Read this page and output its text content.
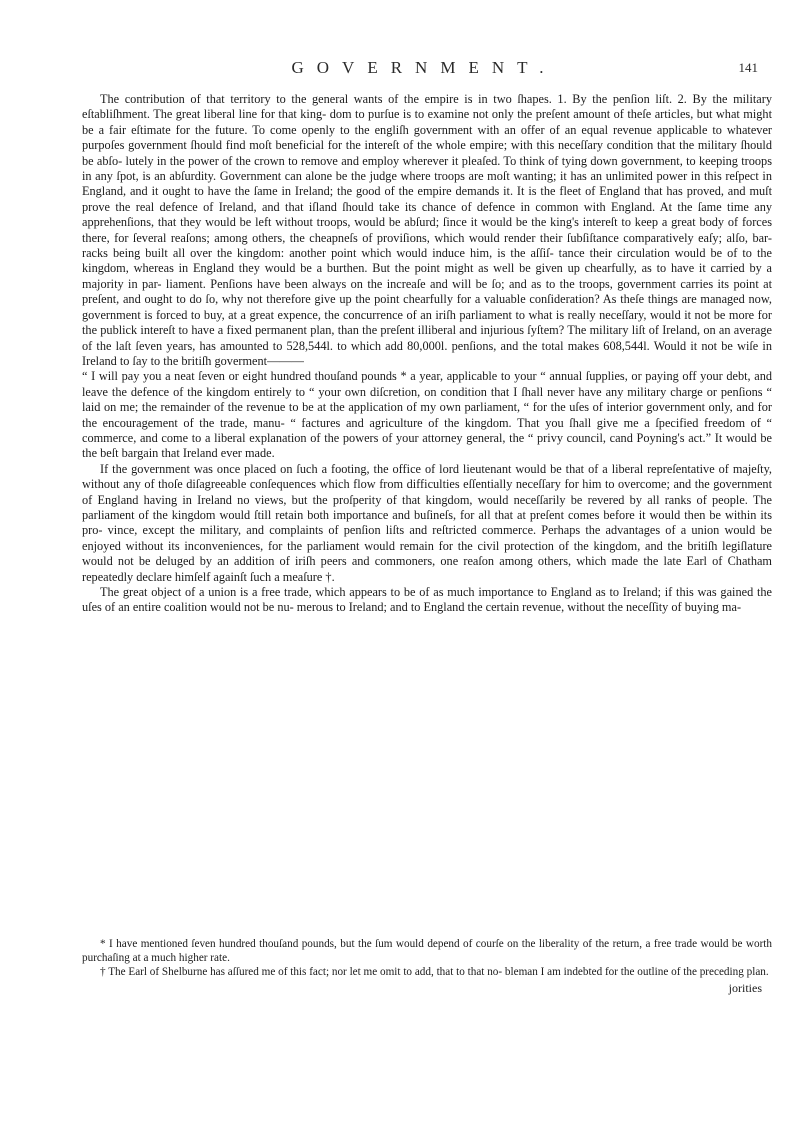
GOVERNMENT.	141

The contribution of that territory to the general wants of the empire is in two ſhapes. 1. By the penſion liſt. 2. By the military eſtabliſhment. The great liberal line for that king- dom to purſue is to examine not only the preſent amount of theſe articles, but what might be a fair eſtimate for the future. To come openly to the engliſh government with an offer of an equal revenue applicable to whatever purpoſes government ſhould find moſt beneficial for the intereſt of the whole empire; with this neceſſary condition that the military ſhould be abſo- lutely in the power of the crown to remove and employ wherever it pleaſed. To think of tying down government, to keeping troops in any ſpot, is an abſurdity. Government can alone be the judge where troops are moſt wanting; it has an unlimited power in this reſpect in England, and it ought to have the ſame in Ireland; the good of the empire demands it. It is the fleet of England that has proved, and muſt prove the real defence of Ireland, and that iſland ſhould take its chance of defence in common with England. At the ſame time any apprehenſions, that they would be left without troops, would be abſurd; ſince it would be the king's intereſt to keep a great body of forces there, for ſeveral reaſons; among others, the cheapneſs of proviſions, which would render their ſubſiſtance comparatively eaſy; alſo, bar- racks being built all over the kingdom: another point which would induce him, is the aſſiſ- tance their circulation would be of to the kingdom, whereas in England they would be a burthen. But the point might as well be given up chearfully, as to have it carried by a majority in par- liament. Penſions have been always on the increaſe and will be ſo; and as to the troops, government carries its point at preſent, and ought to do ſo, why not therefore give up the point chearfully for a valuable conſideration? As theſe things are managed now, government is forced to buy, at a great expence, the concurrence of an iriſh parliament to what is really neceſſary, would it not be more for the publick intereſt to have a fixed permanent plan, than the preſent illiberal and injurious ſyſtem? The military liſt of Ireland, on an average of the laſt ſeven years, has amounted to 528,544l. to which add 80,000l. penſions, and the total makes 608,544l. Would it not be wiſe in Ireland to ſay to the britiſh goverment———

“ I will pay you a neat ſeven or eight hundred thouſand pounds * a year, applicable to your “ annual ſupplies, or paying off your debt, and leave the defence of the kingdom entirely to “ your own diſcretion, on condition that I ſhall never have any military charge or penſions “ laid on me; the remainder of the revenue to be at the application of my own parliament, “ for the uſes of interior government only, and for the encouragement of the trade, manu- “ factures and agriculture of the kingdom. That you ſhall give me a ſpecified freedom of “ commerce, and come to a liberal explanation of the powers of your attorney general, the “ privy council, cand Poyning's act.” It would be the beſt bargain that Ireland ever made.

If the government was once placed on ſuch a footing, the office of lord lieutenant would be that of a liberal repreſentative of majeſty, without any of thoſe diſagreeable conſequences which flow from difficulties eſſentially neceſſary for him to overcome; and the government of England having in Ireland no views, but the proſperity of that kingdom, would neceſſarily be revered by all ranks of people. The parliament of the kingdom would ſtill retain both importance and buſineſs, for all that at preſent comes before it would then be within its pro- vince, except the military, and complaints of penſion liſts and reſtricted commerce. Perhaps the advantages of a union would be enjoyed without its inconveniences, for the parliament would remain for the civil protection of the kingdom, and the britiſh legiſlature would not be deluged by an addition of iriſh peers and commoners, one reaſon among others, which made the late Earl of Chatham repeatedly declare himſelf againſt ſuch a meaſure †.

The great object of a union is a free trade, which appears to be of as much importance to England as to Ireland; if this was gained the uſes of an entire coalition would not be nu- merous to Ireland; and to England the certain revenue, without the neceſſity of buying ma-

* I have mentioned ſeven hundred thouſand pounds, but the ſum would depend of courſe on the liberality of the return, a free trade would be worth purchaſing at a much higher rate.

† The Earl of Shelburne has aſſured me of this fact; nor let me omit to add, that to that no- bleman I am indebted for the outline of the preceding plan.

jorities
